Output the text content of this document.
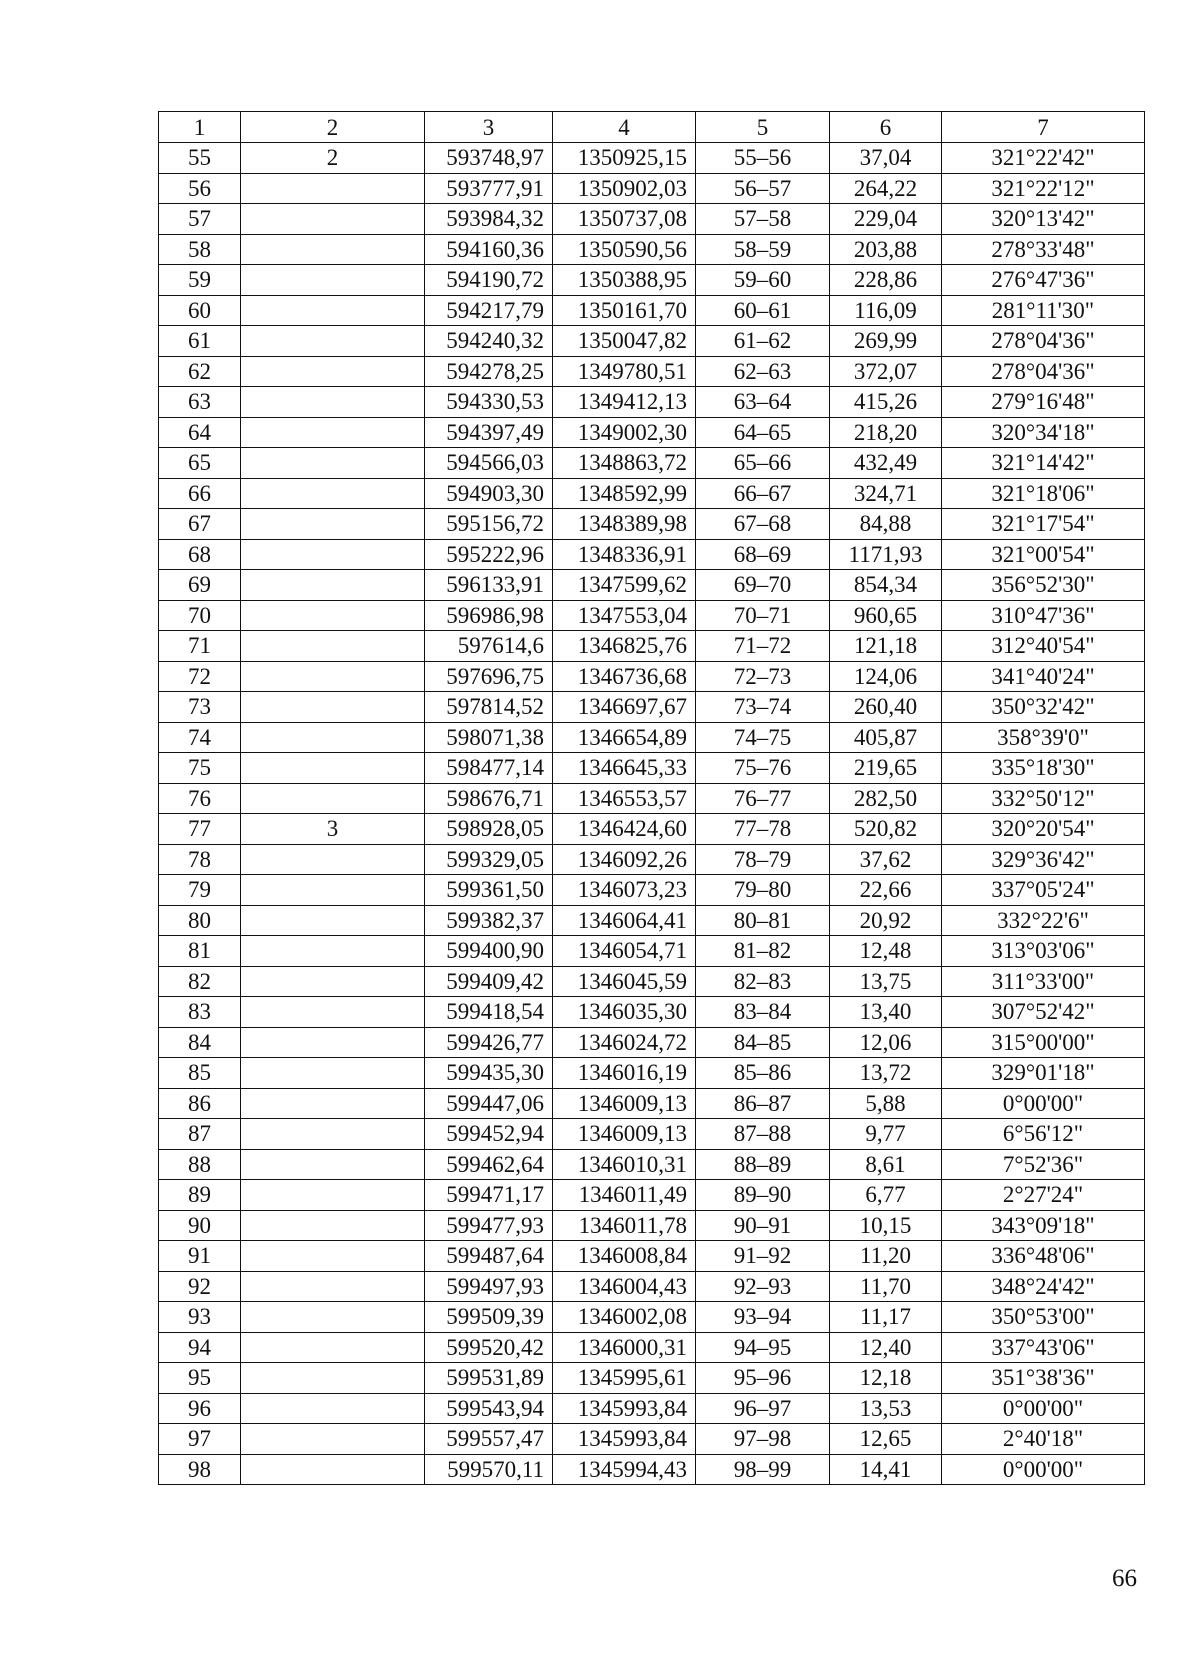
1	2	3	4	5	6	7
55	2	593748,97	1350925,15	55–56	37,04	321°22'42"
56		593777,91	1350902,03	56–57	264,22	321°22'12"
57		593984,32	1350737,08	57–58	229,04	320°13'42"
58		594160,36	1350590,56	58–59	203,88	278°33'48"
59		594190,72	1350388,95	59–60	228,86	276°47'36"
60		594217,79	1350161,70	60–61	116,09	281°11'30"
61		594240,32	1350047,82	61–62	269,99	278°04'36"
62		594278,25	1349780,51	62–63	372,07	278°04'36"
63		594330,53	1349412,13	63–64	415,26	279°16'48"
64		594397,49	1349002,30	64–65	218,20	320°34'18"
65		594566,03	1348863,72	65–66	432,49	321°14'42"
66		594903,30	1348592,99	66–67	324,71	321°18'06"
67		595156,72	1348389,98	67–68	84,88	321°17'54"
68		595222,96	1348336,91	68–69	1171,93	321°00'54"
69		596133,91	1347599,62	69–70	854,34	356°52'30"
70		596986,98	1347553,04	70–71	960,65	310°47'36"
71		597614,6	1346825,76	71–72	121,18	312°40'54"
72		597696,75	1346736,68	72–73	124,06	341°40'24"
73		597814,52	1346697,67	73–74	260,40	350°32'42"
74		598071,38	1346654,89	74–75	405,87	358°39'0"
75		598477,14	1346645,33	75–76	219,65	335°18'30"
76		598676,71	1346553,57	76–77	282,50	332°50'12"
77	3	598928,05	1346424,60	77–78	520,82	320°20'54"
78		599329,05	1346092,26	78–79	37,62	329°36'42"
79		599361,50	1346073,23	79–80	22,66	337°05'24"
80		599382,37	1346064,41	80–81	20,92	332°22'6"
81		599400,90	1346054,71	81–82	12,48	313°03'06"
82		599409,42	1346045,59	82–83	13,75	311°33'00"
83		599418,54	1346035,30	83–84	13,40	307°52'42"
84		599426,77	1346024,72	84–85	12,06	315°00'00"
85		599435,30	1346016,19	85–86	13,72	329°01'18"
86		599447,06	1346009,13	86–87	5,88	0°00'00"
87		599452,94	1346009,13	87–88	9,77	6°56'12"
88		599462,64	1346010,31	88–89	8,61	7°52'36"
89		599471,17	1346011,49	89–90	6,77	2°27'24"
90		599477,93	1346011,78	90–91	10,15	343°09'18"
91		599487,64	1346008,84	91–92	11,20	336°48'06"
92		599497,93	1346004,43	92–93	11,70	348°24'42"
93		599509,39	1346002,08	93–94	11,17	350°53'00"
94		599520,42	1346000,31	94–95	12,40	337°43'06"
95		599531,89	1345995,61	95–96	12,18	351°38'36"
96		599543,94	1345993,84	96–97	13,53	0°00'00"
97		599557,47	1345993,84	97–98	12,65	2°40'18"
98		599570,11	1345994,43	98–99	14,41	0°00'00"
66
